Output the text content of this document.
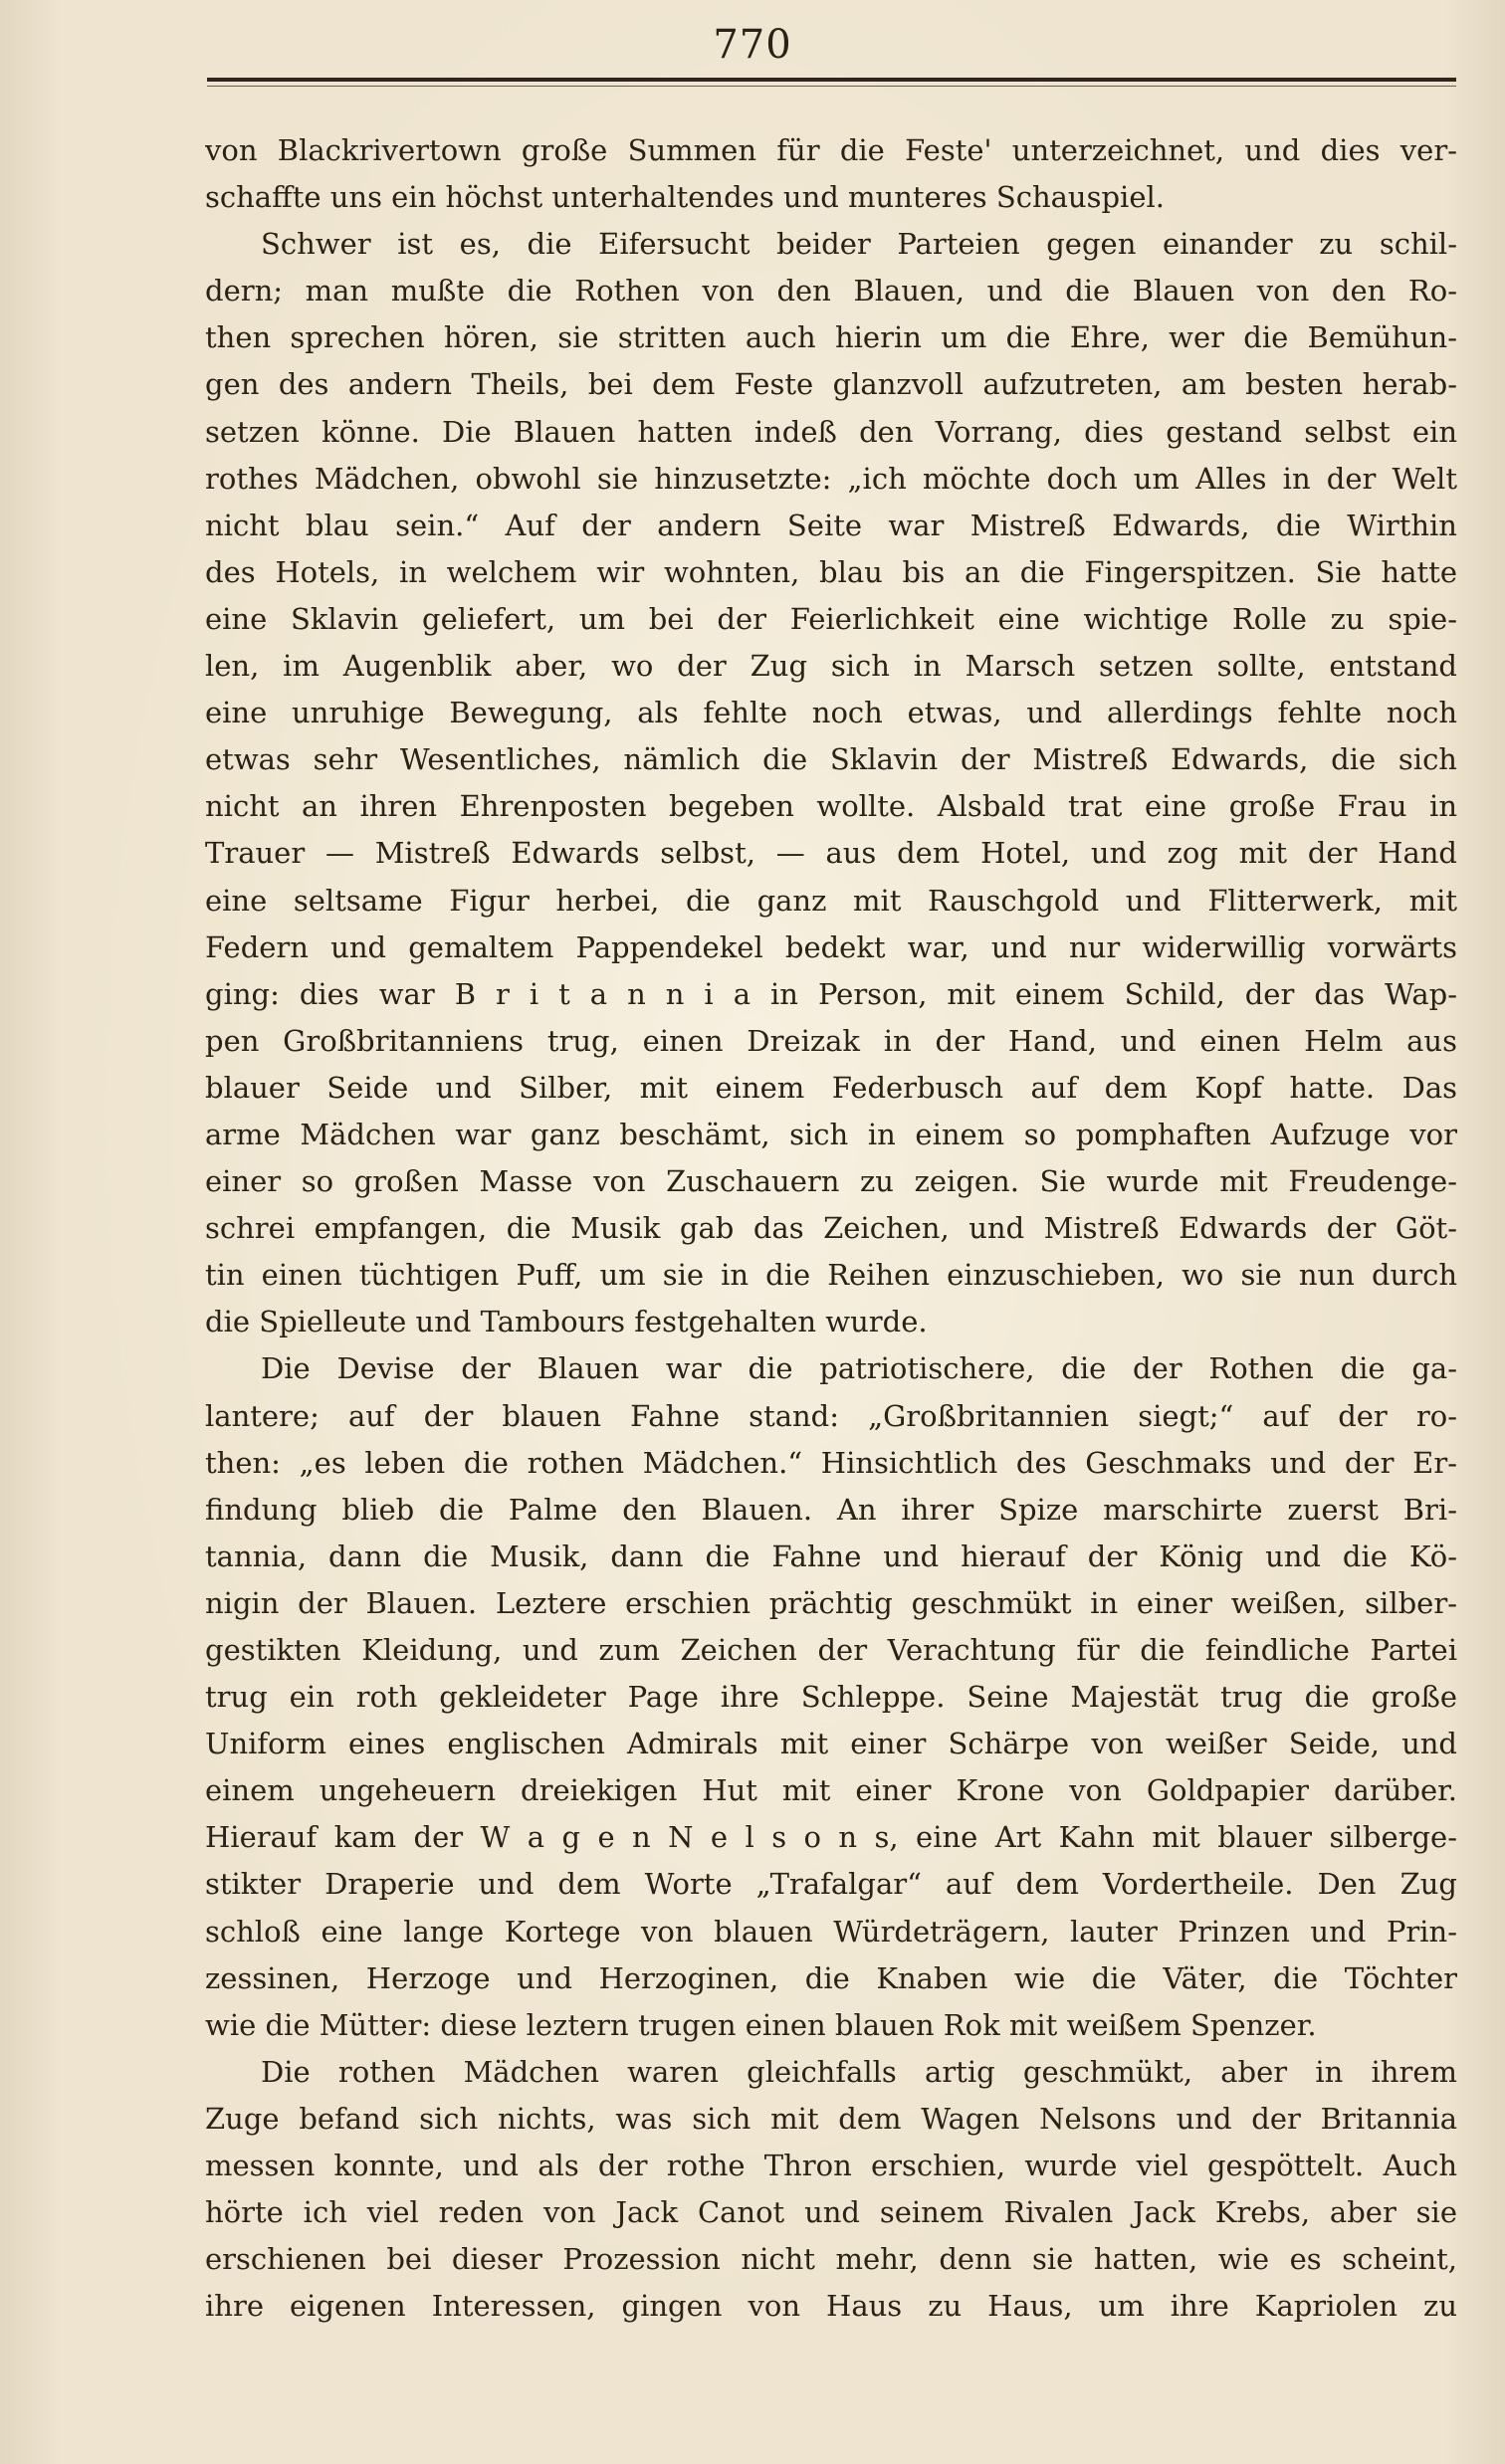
770
von Blackrivertown große Summen für die Feste' unterzeichnet, und dies ver-
schaffte uns ein höchst unterhaltendes und munteres Schauspiel.
Schwer ist es, die Eifersucht beider Parteien gegen einander zu schil-
dern; man mußte die Rothen von den Blauen, und die Blauen von den Ro-
then sprechen hören, sie stritten auch hierin um die Ehre, wer die Bemühun-
gen des andern Theils, bei dem Feste glanzvoll aufzutreten, am besten herab-
setzen könne. Die Blauen hatten indeß den Vorrang, dies gestand selbst ein
rothes Mädchen, obwohl sie hinzusetzte: „ich möchte doch um Alles in der Welt
nicht blau sein.“ Auf der andern Seite war Mistreß Edwards, die Wirthin
des Hotels, in welchem wir wohnten, blau bis an die Fingerspitzen. Sie hatte
eine Sklavin geliefert, um bei der Feierlichkeit eine wichtige Rolle zu spie-
len, im Augenblik aber, wo der Zug sich in Marsch setzen sollte, entstand
eine unruhige Bewegung, als fehlte noch etwas, und allerdings fehlte noch
etwas sehr Wesentliches, nämlich die Sklavin der Mistreß Edwards, die sich
nicht an ihren Ehrenposten begeben wollte. Alsbald trat eine große Frau in
Trauer — Mistreß Edwards selbst, — aus dem Hotel, und zog mit der Hand
eine seltsame Figur herbei, die ganz mit Rauschgold und Flitterwerk, mit
Federn und gemaltem Pappendekel bedekt war, und nur widerwillig vorwärts
ging: dies war B r i t a n n i a in Person, mit einem Schild, der das Wap-
pen Großbritanniens trug, einen Dreizak in der Hand, und einen Helm aus
blauer Seide und Silber, mit einem Federbusch auf dem Kopf hatte. Das
arme Mädchen war ganz beschämt, sich in einem so pomphaften Aufzuge vor
einer so großen Masse von Zuschauern zu zeigen. Sie wurde mit Freudenge-
schrei empfangen, die Musik gab das Zeichen, und Mistreß Edwards der Göt-
tin einen tüchtigen Puff, um sie in die Reihen einzuschieben, wo sie nun durch
die Spielleute und Tambours festgehalten wurde.
Die Devise der Blauen war die patriotischere, die der Rothen die ga-
lantere; auf der blauen Fahne stand: „Großbritannien siegt;“ auf der ro-
then: „es leben die rothen Mädchen.“ Hinsichtlich des Geschmaks und der Er-
findung blieb die Palme den Blauen. An ihrer Spize marschirte zuerst Bri-
tannia, dann die Musik, dann die Fahne und hierauf der König und die Kö-
nigin der Blauen. Leztere erschien prächtig geschmükt in einer weißen, silber-
gestikten Kleidung, und zum Zeichen der Verachtung für die feindliche Partei
trug ein roth gekleideter Page ihre Schleppe. Seine Majestät trug die große
Uniform eines englischen Admirals mit einer Schärpe von weißer Seide, und
einem ungeheuern dreiekigen Hut mit einer Krone von Goldpapier darüber.
Hierauf kam der W a g e n N e l s o n s, eine Art Kahn mit blauer silberge-
stikter Draperie und dem Worte „Trafalgar“ auf dem Vordertheile. Den Zug
schloß eine lange Kortege von blauen Würdeträgern, lauter Prinzen und Prin-
zessinen, Herzoge und Herzoginen, die Knaben wie die Väter, die Töchter
wie die Mütter: diese leztern trugen einen blauen Rok mit weißem Spenzer.
Die rothen Mädchen waren gleichfalls artig geschmükt, aber in ihrem
Zuge befand sich nichts, was sich mit dem Wagen Nelsons und der Britannia
messen konnte, und als der rothe Thron erschien, wurde viel gespöttelt. Auch
hörte ich viel reden von Jack Canot und seinem Rivalen Jack Krebs, aber sie
erschienen bei dieser Prozession nicht mehr, denn sie hatten, wie es scheint,
ihre eigenen Interessen, gingen von Haus zu Haus, um ihre Kapriolen zu
